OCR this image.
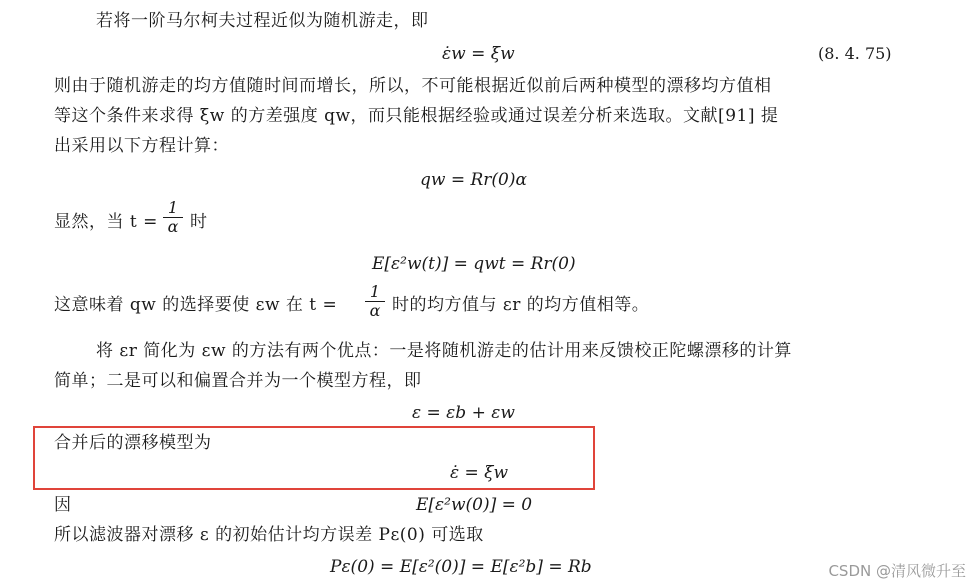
若将一阶马尔柯夫过程近似为随机游走，即
ε̇w = ξw	(8. 4. 75)
则由于随机游走的均方值随时间而增长，所以，不可能根据近似前后两种模型的漂移均方值相
等这个条件来求得 ξw 的方差强度 qw，而只能根据经验或通过误差分析来选取。文献[91] 提
出采用以下方程计算：
qw = Rr(0)α
显然，当 $t = \frac{1}{\alpha}$ 时
E[ε²w(t)] = qwt = Rr(0)
这意味着 qw 的选择要使 εw 在 $t = \frac{1}{\alpha}$ 时的均方值与 εr 的均方值相等。
将 εr 简化为 εw 的方法有两个优点：一是将随机游走的估计用来反馈校正陀螺漂移的计算
简单；二是可以和偏置合并为一个模型方程，即
ε = εb + εw
合并后的漂移模型为
ε̇ = ξw
因	E[ε²w(0)] = 0
所以滤波器对漂移 ε 的初始估计均方误差 Pε(0) 可选取
Pε(0) = E[ε²(0)] = E[ε²b] = Rb	CSDN @清风微升至
